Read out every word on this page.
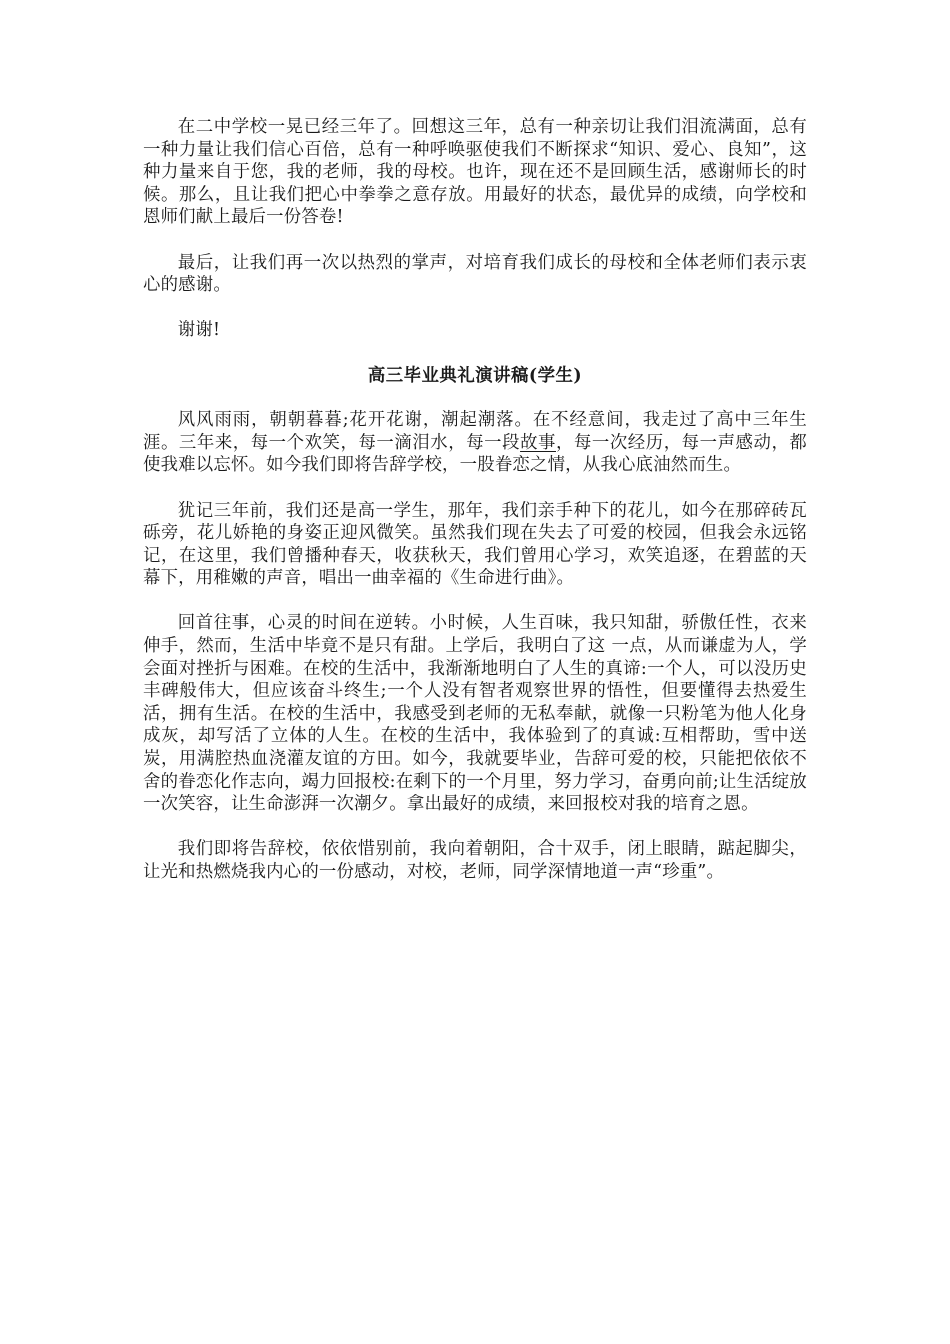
在二中学校一晃已经三年了。回想这三年，总有一种亲切让我们泪流满面，总有一种力量让我们信心百倍，总有一种呼唤驱使我们不断探求“知识、爱心、良知”，这种力量来自于您，我的老师，我的母校。也许，现在还不是回顾生活，感谢师长的时候。那么，且让我们把心中拳拳之意存放。用最好的状态，最优异的成绩，向学校和恩师们献上最后一份答卷!

最后，让我们再一次以热烈的掌声，对培育我们成长的母校和全体老师们表示衷心的感谢。

谢谢!

高三毕业典礼演讲稿(学生)

风风雨雨，朝朝暮暮;花开花谢，潮起潮落。在不经意间，我走过了高中三年生涯。三年来，每一个欢笑，每一滴泪水，每一段故事，每一次经历，每一声感动，都使我难以忘怀。如今我们即将告辞学校，一股眷恋之情，从我心底油然而生。

犹记三年前，我们还是高一学生，那年，我们亲手种下的花儿，如今在那碎砖瓦砾旁，花儿娇艳的身姿正迎风微笑。虽然我们现在失去了可爱的校园，但我会永远铭记，在这里，我们曾播种春天，收获秋天，我们曾用心学习，欢笑追逐，在碧蓝的天幕下，用稚嫩的声音，唱出一曲幸福的《生命进行曲》。

回首往事，心灵的时间在逆转。小时候，人生百味，我只知甜，骄傲任性，衣来伸手，然而，生活中毕竟不是只有甜。上学后，我明白了这 一点，从而谦虚为人，学会面对挫折与困难。在校的生活中，我渐渐地明白了人生的真谛:一个人，可以没历史丰碑般伟大，但应该奋斗终生;一个人没有智者观察世界的悟性，但要懂得去热爱生活，拥有生活。在校的生活中，我感受到老师的无私奉献，就像一只粉笔为他人化身成灰，却写活了立体的人生。在校的生活中，我体验到了的真诚:互相帮助，雪中送炭，用满腔热血浇灌友谊的方田。如今，我就要毕业，告辞可爱的校，只能把依依不舍的眷恋化作志向，竭力回报校:在剩下的一个月里，努力学习，奋勇向前;让生活绽放一次笑容，让生命澎湃一次潮夕。拿出最好的成绩，来回报校对我的培育之恩。

我们即将告辞校，依依惜别前，我向着朝阳，合十双手，闭上眼睛，踮起脚尖，让光和热燃烧我内心的一份感动，对校，老师，同学深情地道一声“珍重”。
